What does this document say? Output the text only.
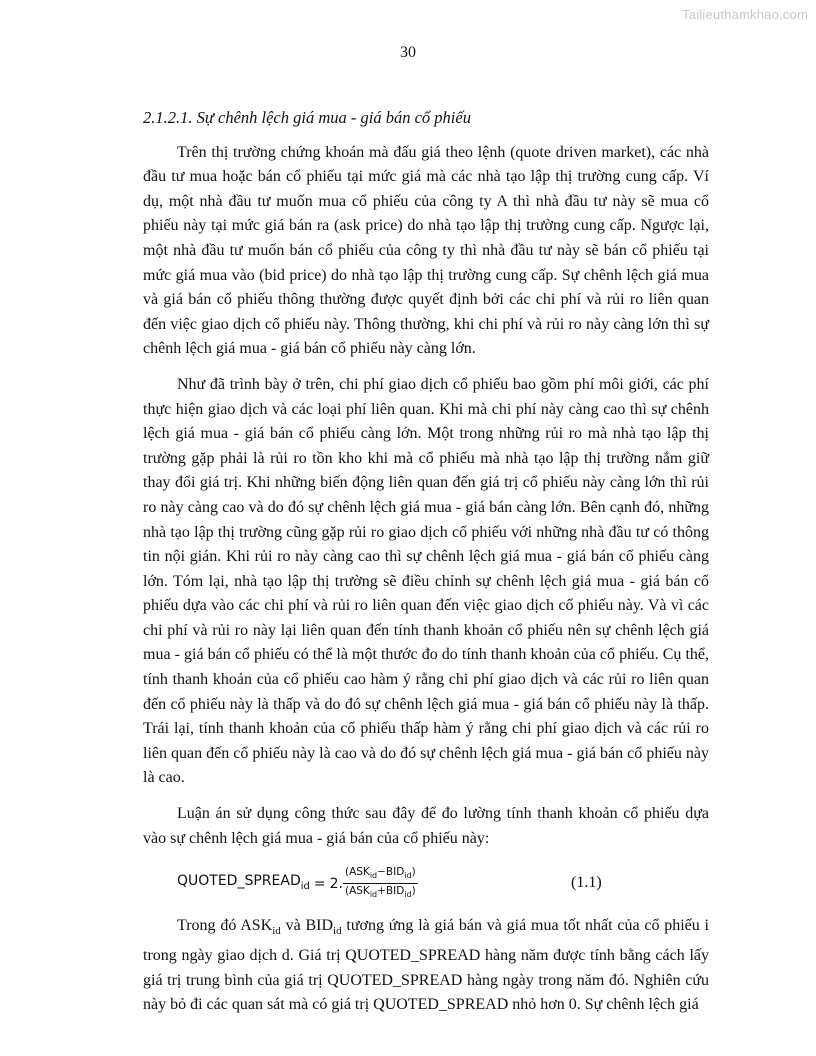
Tailieuthamkhao.com
30
2.1.2.1. Sự chênh lệch giá mua - giá bán cổ phiếu

Trên thị trường chứng khoán mà đấu giá theo lệnh (quote driven market), các nhà đầu tư mua hoặc bán cổ phiếu tại mức giá mà các nhà tạo lập thị trường cung cấp. Ví dụ, một nhà đầu tư muốn mua cổ phiếu của công ty A thì nhà đầu tư này sẽ mua cổ phiếu này tại mức giá bán ra (ask price) do nhà tạo lập thị trường cung cấp. Ngược lại, một nhà đầu tư muốn bán cổ phiếu của công ty thì nhà đầu tư này sẽ bán cổ phiếu tại mức giá mua vào (bid price) do nhà tạo lập thị trường cung cấp. Sự chênh lệch giá mua và giá bán cổ phiếu thông thường được quyết định bởi các chi phí và rủi ro liên quan đến việc giao dịch cổ phiếu này. Thông thường, khi chi phí và rủi ro này càng lớn thì sự chênh lệch giá mua - giá bán cổ phiếu này càng lớn.

Như đã trình bày ở trên, chi phí giao dịch cổ phiếu bao gồm phí môi giới, các phí thực hiện giao dịch và các loại phí liên quan. Khi mà chi phí này càng cao thì sự chênh lệch giá mua - giá bán cổ phiếu càng lớn. Một trong những rủi ro mà nhà tạo lập thị trường gặp phải là rủi ro tồn kho khi mà cổ phiếu mà nhà tạo lập thị trường nắm giữ thay đổi giá trị. Khi những biến động liên quan đến giá trị cổ phiếu này càng lớn thì rủi ro này càng cao và do đó sự chênh lệch giá mua - giá bán càng lớn. Bên cạnh đó, những nhà tạo lập thị trường cũng gặp rủi ro giao dịch cổ phiếu với những nhà đầu tư có thông tin nội gián. Khi rủi ro này càng cao thì sự chênh lệch giá mua - giá bán cổ phiếu càng lớn. Tóm lại, nhà tạo lập thị trường sẽ điều chỉnh sự chênh lệch giá mua - giá bán cổ phiếu dựa vào các chi phí và rủi ro liên quan đến việc giao dịch cổ phiếu này. Và vì các chi phí và rủi ro này lại liên quan đến tính thanh khoản cổ phiếu nên sự chênh lệch giá mua - giá bán cổ phiếu có thể là một thước đo do tính thanh khoản của cổ phiếu. Cụ thể, tính thanh khoản của cổ phiếu cao hàm ý rằng chi phí giao dịch và các rủi ro liên quan đến cổ phiếu này là thấp và do đó sự chênh lệch giá mua - giá bán cổ phiếu này là thấp. Trái lại, tính thanh khoản của cổ phiếu thấp hàm ý rằng chi phí giao dịch và các rủi ro liên quan đến cổ phiếu này là cao và do đó sự chênh lệch giá mua - giá bán cổ phiếu này là cao.

Luận án sử dụng công thức sau đây để đo lường tính thanh khoản cổ phiếu dựa vào sự chênh lệch giá mua - giá bán của cổ phiếu này:

$QUOTED\_SPREAD_{id} = 2$. $\frac{(ASK_{id}-BID_{id})}{(ASK_{id}+BID_{id})}$	(1.1)

Trong đó $ASK_{id}$ và $BID_{id}$ tương ứng là giá bán và giá mua tốt nhất của cổ phiếu i trong ngày giao dịch d. Giá trị QUOTED_SPREAD hàng năm được tính bằng cách lấy giá trị trung bình của giá trị QUOTED_SPREAD hàng ngày trong năm đó. Nghiên cứu này bỏ đi các quan sát mà có giá trị QUOTED_SPREAD nhỏ hơn 0. Sự chênh lệch giá
